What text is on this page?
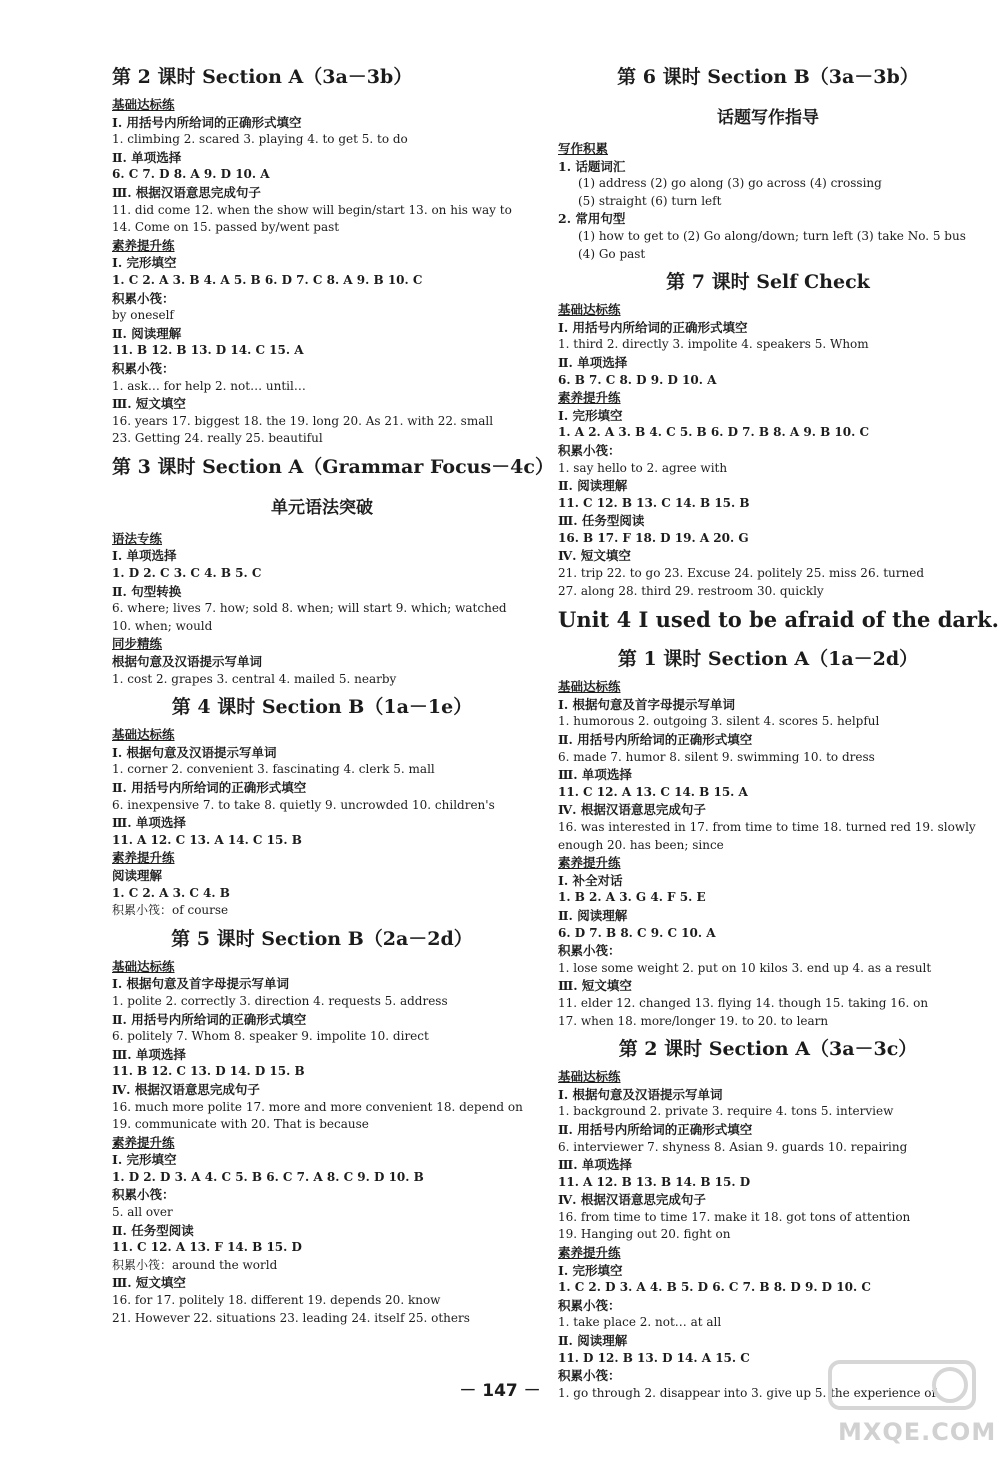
第 2 课时 Section A（3a－3b）
基础达标练
Ⅰ. 用括号内所给词的正确形式填空
1. climbing 2. scared 3. playing 4. to get 5. to do
Ⅱ. 单项选择
6. C 7. D 8. A 9. D 10. A
Ⅲ. 根据汉语意思完成句子
11. did come 12. when the show will begin/start 13. on his way to
14. Come on 15. passed by/went past
素养提升练
Ⅰ. 完形填空
1. C 2. A 3. B 4. A 5. B 6. D 7. C 8. A 9. B 10. C
积累小筏：
by oneself
Ⅱ. 阅读理解
11. B 12. B 13. D 14. C 15. A
积累小筏：
1. ask… for help 2. not… until…
Ⅲ. 短文填空
16. years 17. biggest 18. the 19. long 20. As 21. with 22. small
23. Getting 24. really 25. beautiful
第 3 课时 Section A（Grammar Focus－4c）
单元语法突破
语法专练
Ⅰ. 单项选择
1. D 2. C 3. C 4. B 5. C
Ⅱ. 句型转换
6. where; lives 7. how; sold 8. when; will start 9. which; watched
10. when; would
同步精练
根据句意及汉语提示写单词
1. cost 2. grapes 3. central 4. mailed 5. nearby
第 4 课时 Section B（1a－1e）
基础达标练
Ⅰ. 根据句意及汉语提示写单词
1. corner 2. convenient 3. fascinating 4. clerk 5. mall
Ⅱ. 用括号内所给词的正确形式填空
6. inexpensive 7. to take 8. quietly 9. uncrowded 10. children's
Ⅲ. 单项选择
11. A 12. C 13. A 14. C 15. B
素养提升练
阅读理解
1. C 2. A 3. C 4. B
积累小筏：of course
第 5 课时 Section B（2a－2d）
基础达标练
Ⅰ. 根据句意及首字母提示写单词
1. polite 2. correctly 3. direction 4. requests 5. address
Ⅱ. 用括号内所给词的正确形式填空
6. politely 7. Whom 8. speaker 9. impolite 10. direct
Ⅲ. 单项选择
11. B 12. C 13. D 14. D 15. B
Ⅳ. 根据汉语意思完成句子
16. much more polite 17. more and more convenient 18. depend on
19. communicate with 20. That is because
素养提升练
Ⅰ. 完形填空
1. D 2. D 3. A 4. C 5. B 6. C 7. A 8. C 9. D 10. B
积累小筏：
5. all over
Ⅱ. 任务型阅读
11. C 12. A 13. F 14. B 15. D
积累小筏：around the world
Ⅲ. 短文填空
16. for 17. politely 18. different 19. depends 20. know
21. However 22. situations 23. leading 24. itself 25. others
第 6 课时 Section B（3a－3b）
话题写作指导
写作积累
1. 话题词汇
(1) address (2) go along (3) go across (4) crossing
(5) straight (6) turn left
2. 常用句型
(1) how to get to (2) Go along/down; turn left (3) take No. 5 bus
(4) Go past
第 7 课时 Self Check
基础达标练
Ⅰ. 用括号内所给词的正确形式填空
1. third 2. directly 3. impolite 4. speakers 5. Whom
Ⅱ. 单项选择
6. B 7. C 8. D 9. D 10. A
素养提升练
Ⅰ. 完形填空
1. A 2. A 3. B 4. C 5. B 6. D 7. B 8. A 9. B 10. C
积累小筏：
1. say hello to 2. agree with
Ⅱ. 阅读理解
11. C 12. B 13. C 14. B 15. B
Ⅲ. 任务型阅读
16. B 17. F 18. D 19. A 20. G
Ⅳ. 短文填空
21. trip 22. to go 23. Excuse 24. politely 25. miss 26. turned
27. along 28. third 29. restroom 30. quickly
Unit 4 I used to be afraid of the dark.
第 1 课时 Section A（1a－2d）
基础达标练
Ⅰ. 根据句意及首字母提示写单词
1. humorous 2. outgoing 3. silent 4. scores 5. helpful
Ⅱ. 用括号内所给词的正确形式填空
6. made 7. humor 8. silent 9. swimming 10. to dress
Ⅲ. 单项选择
11. C 12. A 13. C 14. B 15. A
Ⅳ. 根据汉语意思完成句子
16. was interested in 17. from time to time 18. turned red 19. slowly
enough 20. has been; since
素养提升练
Ⅰ. 补全对话
1. B 2. A 3. G 4. F 5. E
Ⅱ. 阅读理解
6. D 7. B 8. C 9. C 10. A
积累小筏：
1. lose some weight 2. put on 10 kilos 3. end up 4. as a result
Ⅲ. 短文填空
11. elder 12. changed 13. flying 14. though 15. taking 16. on
17. when 18. more/longer 19. to 20. to learn
第 2 课时 Section A（3a－3c）
基础达标练
Ⅰ. 根据句意及汉语提示写单词
1. background 2. private 3. require 4. tons 5. interview
Ⅱ. 用括号内所给词的正确形式填空
6. interviewer 7. shyness 8. Asian 9. guards 10. repairing
Ⅲ. 单项选择
11. A 12. B 13. B 14. B 15. D
Ⅳ. 根据汉语意思完成句子
16. from time to time 17. make it 18. got tons of attention
19. Hanging out 20. fight on
素养提升练
Ⅰ. 完形填空
1. C 2. D 3. A 4. B 5. D 6. C 7. B 8. D 9. D 10. C
积累小筏：
1. take place 2. not… at all
Ⅱ. 阅读理解
11. D 12. B 13. D 14. A 15. C
积累小筏：
1. go through 2. disappear into 3. give up 5. the experience of
－ 147 －
MXQE.COM
